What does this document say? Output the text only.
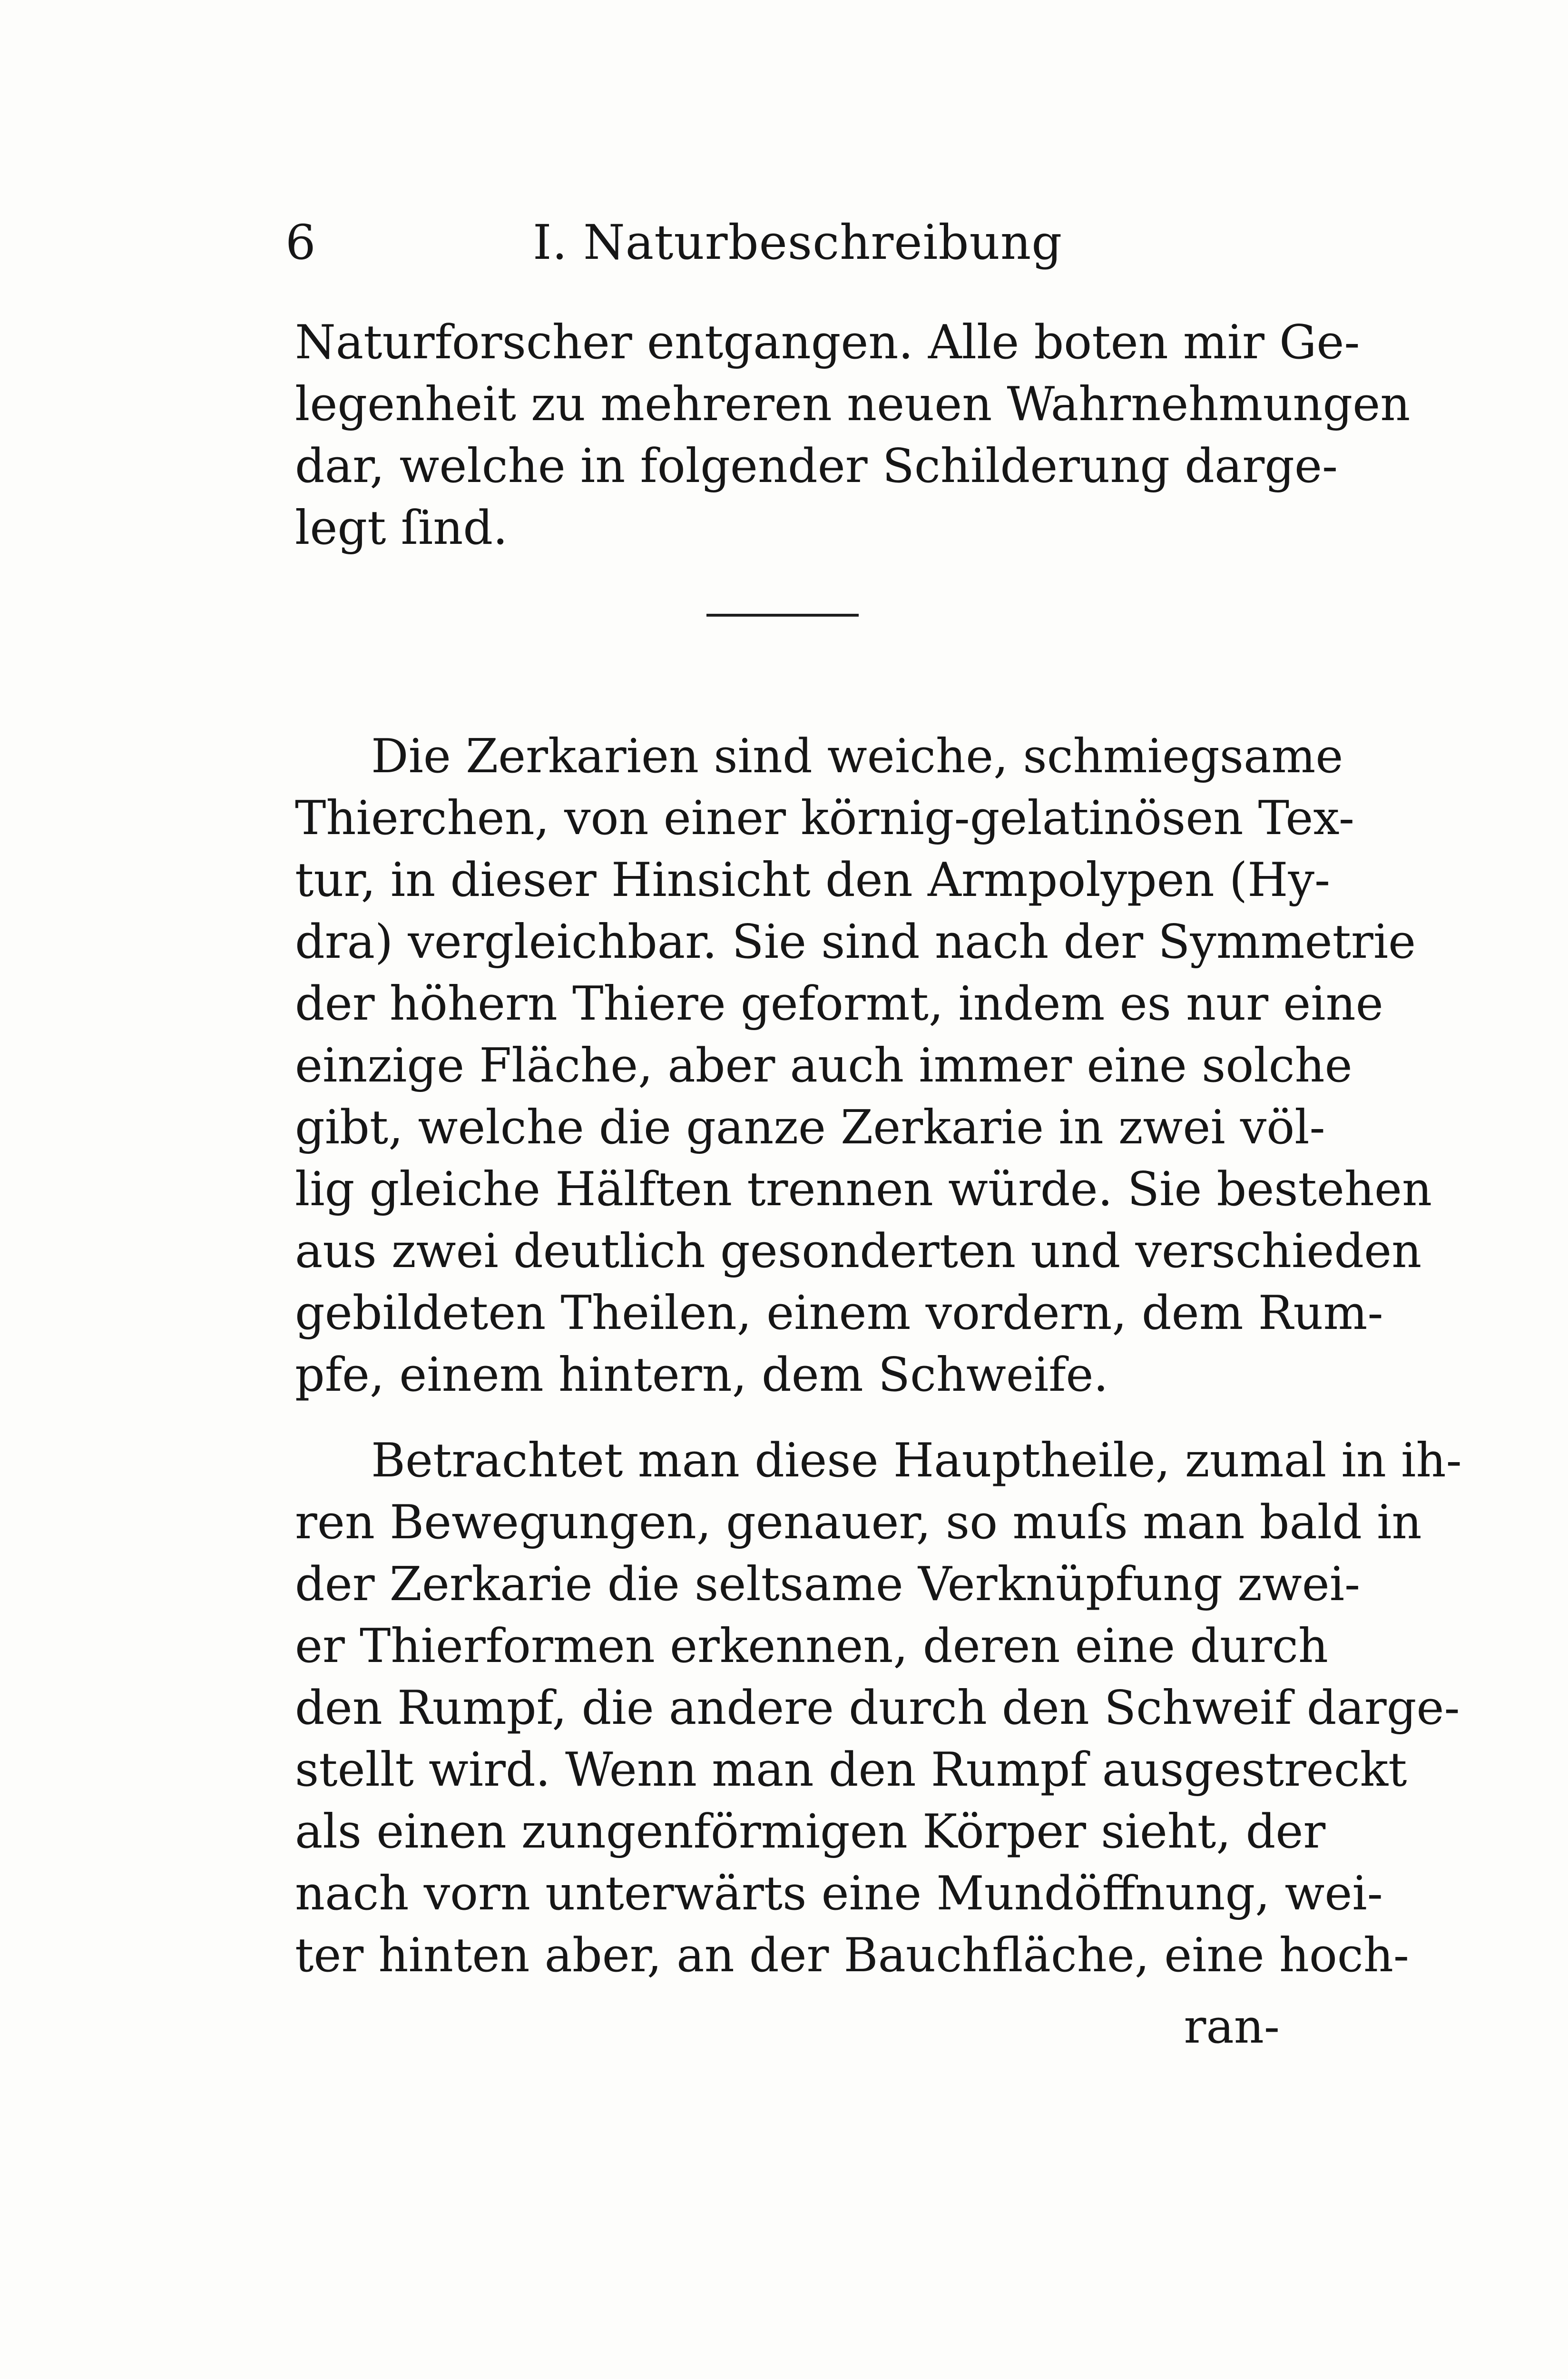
6	I. Naturbeschreibung
Naturforscher entgangen. Alle boten mir Ge-
legenheit zu mehreren neuen Wahrnehmungen
dar, welche in folgender Schilderung darge-
legt ſind.
Die Zerkarien sind weiche, schmiegsame
Thierchen, von einer körnig-gelatinösen Tex-
tur, in dieser Hinsicht den Armpolypen (Hy-
dra) vergleichbar. Sie sind nach der Symmetrie
der höhern Thiere geformt, indem es nur eine
einzige Fläche, aber auch immer eine solche
gibt, welche die ganze Zerkarie in zwei völ-
lig gleiche Hälften trennen würde. Sie bestehen
aus zwei deutlich gesonderten und verschieden
gebildeten Theilen, einem vordern, dem Rum-
pfe, einem hintern, dem Schweife.
Betrachtet man diese Hauptheile, zumal in ih-
ren Bewegungen, genauer, so muſs man bald in
der Zerkarie die seltsame Verknüpfung zwei-
er Thierformen erkennen, deren eine durch
den Rumpf, die andere durch den Schweif darge-
stellt wird. Wenn man den Rumpf ausgestreckt
als einen zungenförmigen Körper sieht, der
nach vorn unterwärts eine Mundöffnung, wei-
ter hinten aber, an der Bauchfläche, eine hoch-
ran-
